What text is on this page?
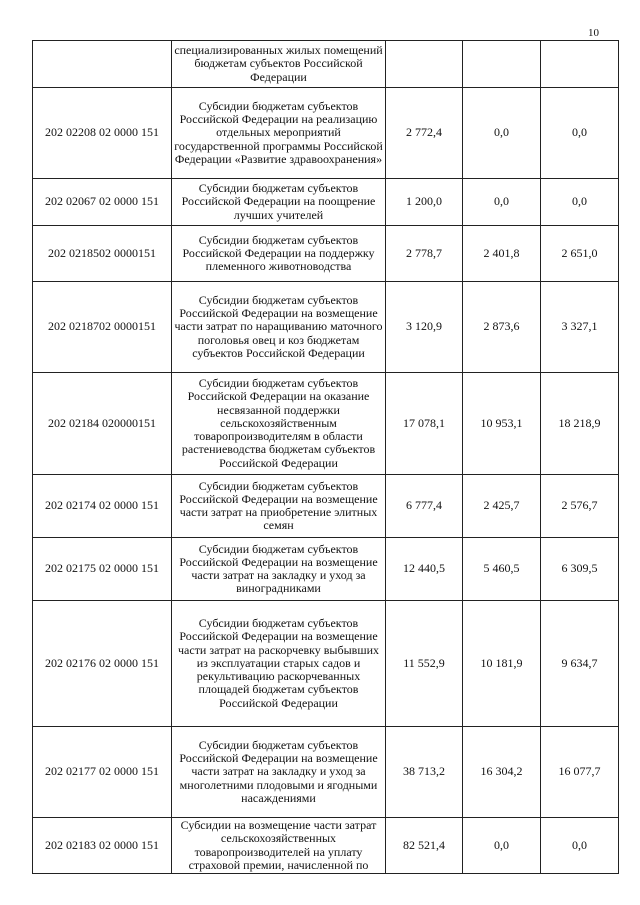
10
	специализированных жилых помещений бюджетам субъектов Российской Федерации			
202 02208 02 0000 151	Субсидии бюджетам субъектов Российской Федерации на реализацию отдельных мероприятий государственной программы Российской Федерации «Развитие здравоохранения»	2 772,4	0,0	0,0
202 02067 02 0000 151	Субсидии бюджетам субъектов Российской Федерации на поощрение лучших учителей	1 200,0	0,0	0,0
202 0218502 0000151	Субсидии бюджетам субъектов Российской Федерации на поддержку племенного животноводства	2 778,7	2 401,8	2 651,0
202 0218702 0000151	Субсидии бюджетам субъектов Российской Федерации на возмещение части затрат по наращиванию маточного поголовья овец и коз бюджетам субъектов Российской Федерации	3 120,9	2 873,6	3 327,1
202 02184 020000151	Субсидии бюджетам субъектов Российской Федерации на оказание несвязанной поддержки сельскохозяйственным товаропроизводителям в области растениеводства бюджетам субъектов Российской Федерации	17 078,1	10 953,1	18 218,9
202 02174 02 0000 151	Субсидии бюджетам субъектов Российской Федерации на возмещение части затрат на приобретение элитных семян	6 777,4	2 425,7	2 576,7
202 02175 02 0000 151	Субсидии бюджетам субъектов Российской Федерации на возмещение части затрат на закладку и уход за виноградниками	12 440,5	5 460,5	6 309,5
202 02176 02 0000 151	Субсидии бюджетам субъектов Российской Федерации на возмещение части затрат на раскорчевку выбывших из эксплуатации старых садов и рекультивацию раскорчеванных площадей бюджетам субъектов Российской Федерации	11 552,9	10 181,9	9 634,7
202 02177 02 0000 151	Субсидии бюджетам субъектов Российской Федерации на возмещение части затрат на закладку и уход за многолетними плодовыми и ягодными насаждениями	38 713,2	16 304,2	16 077,7
202 02183 02 0000 151	Субсидии на возмещение части затрат сельскохозяйственных товаропроизводителей на уплату страховой премии, начисленной по	82 521,4	0,0	0,0
